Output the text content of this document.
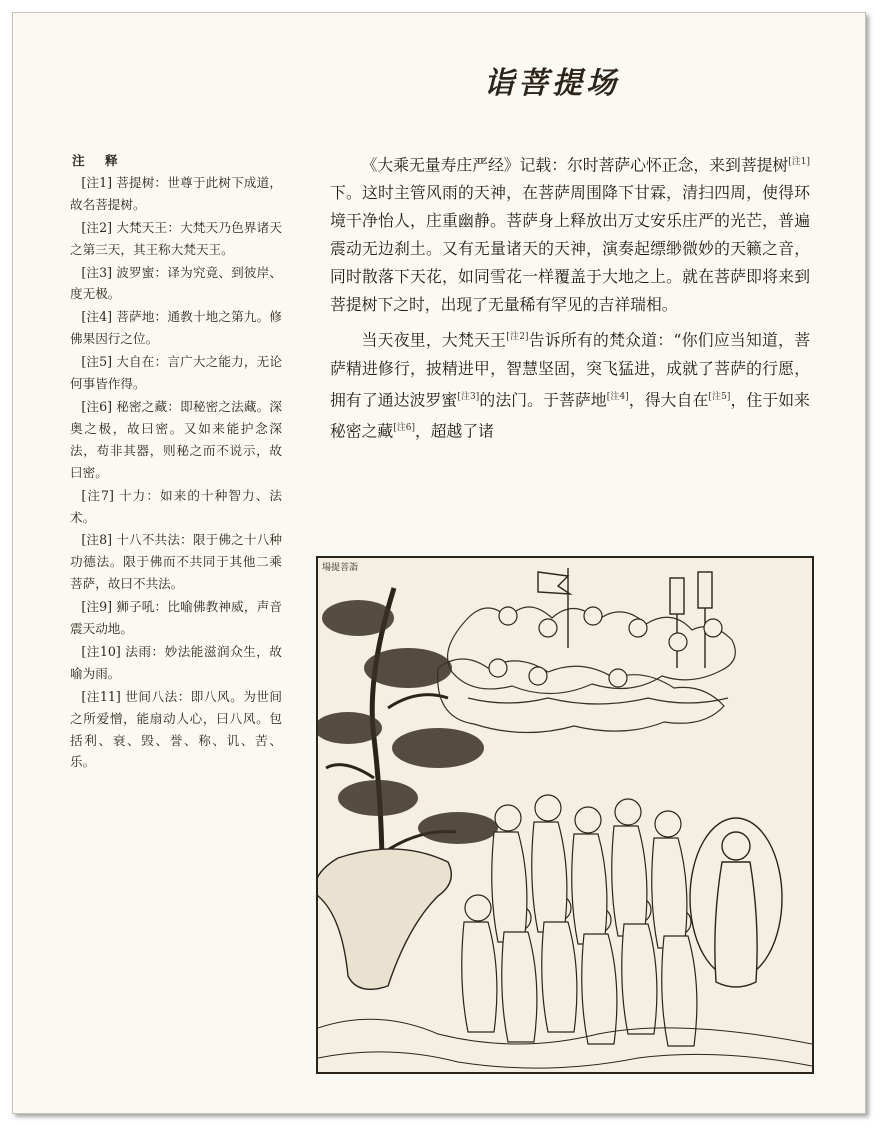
诣菩提场
注 释
[注1] 菩提树：世尊于此树下成道，故名菩提树。
[注2] 大梵天王：大梵天乃色界诸天之第三天，其王称大梵天王。
[注3] 波罗蜜：译为究竟、到彼岸、度无极。
[注4] 菩萨地：通教十地之第九。修佛果因行之位。
[注5] 大自在：言广大之能力，无论何事皆作得。
[注6] 秘密之藏：即秘密之法藏。深奥之极，故曰密。又如来能护念深法，苟非其器，则秘之而不说示，故曰密。
[注7] 十力：如来的十种智力、法术。
[注8] 十八不共法：限于佛之十八种功德法。限于佛而不共同于其他二乘菩萨，故曰不共法。
[注9] 狮子吼：比喻佛教神威，声音震天动地。
[注10] 法雨：妙法能滋润众生，故喻为雨。
[注11] 世间八法：即八风。为世间之所爱憎，能扇动人心，曰八风。包括利、衰、毁、誉、称、讥、苦、乐。

《大乘无量寿庄严经》记载：尔时菩萨心怀正念，来到菩提树[注1]下。这时主管风雨的天神，在菩萨周围降下甘霖，清扫四周，使得环境干净怡人，庄重幽静。菩萨身上释放出万丈安乐庄严的光芒，普遍震动无边刹土。又有无量诸天的天神，演奏起缥缈微妙的天籁之音，同时散落下天花，如同雪花一样覆盖于大地之上。就在菩萨即将来到菩提树下之时，出现了无量稀有罕见的吉祥瑞相。

当天夜里，大梵天王[注2]告诉所有的梵众道：“你们应当知道，菩萨精进修行，披精进甲，智慧坚固，突飞猛进，成就了菩萨的行愿，拥有了通达波罗蜜[注3]的法门。于菩萨地[注4]，得大自在[注5]，住于如来秘密之藏[注6]，超越了诸

場提菩詣
